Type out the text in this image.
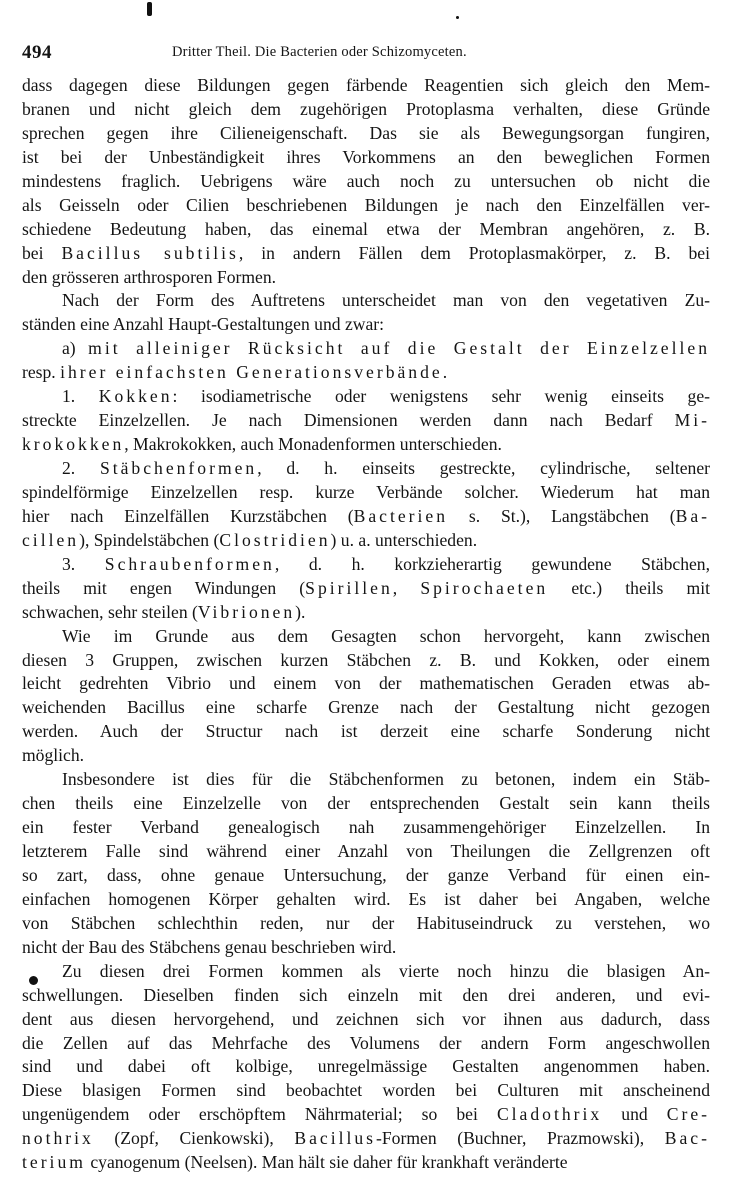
494	Dritter Theil. Die Bacterien oder Schizomyceten.
dass dagegen diese Bildungen gegen färbende Reagentien sich gleich den Mem-
branen und nicht gleich dem zugehörigen Protoplasma verhalten, diese Gründe
sprechen gegen ihre Cilieneigenschaft. Das sie als Bewegungsorgan fungiren,
ist bei der Unbeständigkeit ihres Vorkommens an den beweglichen Formen
mindestens fraglich. Uebrigens wäre auch noch zu untersuchen ob nicht die
als Geisseln oder Cilien beschriebenen Bildungen je nach den Einzelfällen ver-
schiedene Bedeutung haben, das einemal etwa der Membran angehören, z. B.
bei Bacillus subtilis, in andern Fällen dem Protoplasmakörper, z. B. bei
den grösseren arthrosporen Formen.
Nach der Form des Auftretens unterscheidet man von den vegetativen Zu-
ständen eine Anzahl Haupt-Gestaltungen und zwar:
a) mit alleiniger Rücksicht auf die Gestalt der Einzelzellen
resp. ihrer einfachsten Generationsverbände.
1. Kokken: isodiametrische oder wenigstens sehr wenig einseits ge-
streckte Einzelzellen. Je nach Dimensionen werden dann nach Bedarf Mi-
krokokken, Makrokokken, auch Monadenformen unterschieden.
2. Stäbchenformen, d. h. einseits gestreckte, cylindrische, seltener
spindelförmige Einzelzellen resp. kurze Verbände solcher. Wiederum hat man
hier nach Einzelfällen Kurzstäbchen (Bacterien s. St.), Langstäbchen (Ba-
cillen), Spindelstäbchen (Clostridien) u. a. unterschieden.
3. Schraubenformen, d. h. korkzieherartig gewundene Stäbchen,
theils mit engen Windungen (Spirillen, Spirochaeten etc.) theils mit
schwachen, sehr steilen (Vibrionen).
Wie im Grunde aus dem Gesagten schon hervorgeht, kann zwischen
diesen 3 Gruppen, zwischen kurzen Stäbchen z. B. und Kokken, oder einem
leicht gedrehten Vibrio und einem von der mathematischen Geraden etwas ab-
weichenden Bacillus eine scharfe Grenze nach der Gestaltung nicht gezogen
werden. Auch der Structur nach ist derzeit eine scharfe Sonderung nicht
möglich.
Insbesondere ist dies für die Stäbchenformen zu betonen, indem ein Stäb-
chen theils eine Einzelzelle von der entsprechenden Gestalt sein kann theils
ein fester Verband genealogisch nah zusammengehöriger Einzelzellen. In
letzterem Falle sind während einer Anzahl von Theilungen die Zellgrenzen oft
so zart, dass, ohne genaue Untersuchung, der ganze Verband für einen ein-
einfachen homogenen Körper gehalten wird. Es ist daher bei Angaben, welche
von Stäbchen schlechthin reden, nur der Habituseindruck zu verstehen, wo
nicht der Bau des Stäbchens genau beschrieben wird.
Zu diesen drei Formen kommen als vierte noch hinzu die blasigen An-
schwellungen. Dieselben finden sich einzeln mit den drei anderen, und evi-
dent aus diesen hervorgehend, und zeichnen sich vor ihnen aus dadurch, dass
die Zellen auf das Mehrfache des Volumens der andern Form angeschwollen
sind und dabei oft kolbige, unregelmässige Gestalten angenommen haben.
Diese blasigen Formen sind beobachtet worden bei Culturen mit anscheinend
ungenügendem oder erschöpftem Nährmaterial; so bei Cladothrix und Cre-
nothrix (Zopf, Cienkowski), Bacillus-Formen (Buchner, Prazmowski), Bac-
terium cyanogenum (Neelsen). Man hält sie daher für krankhaft veränderte
